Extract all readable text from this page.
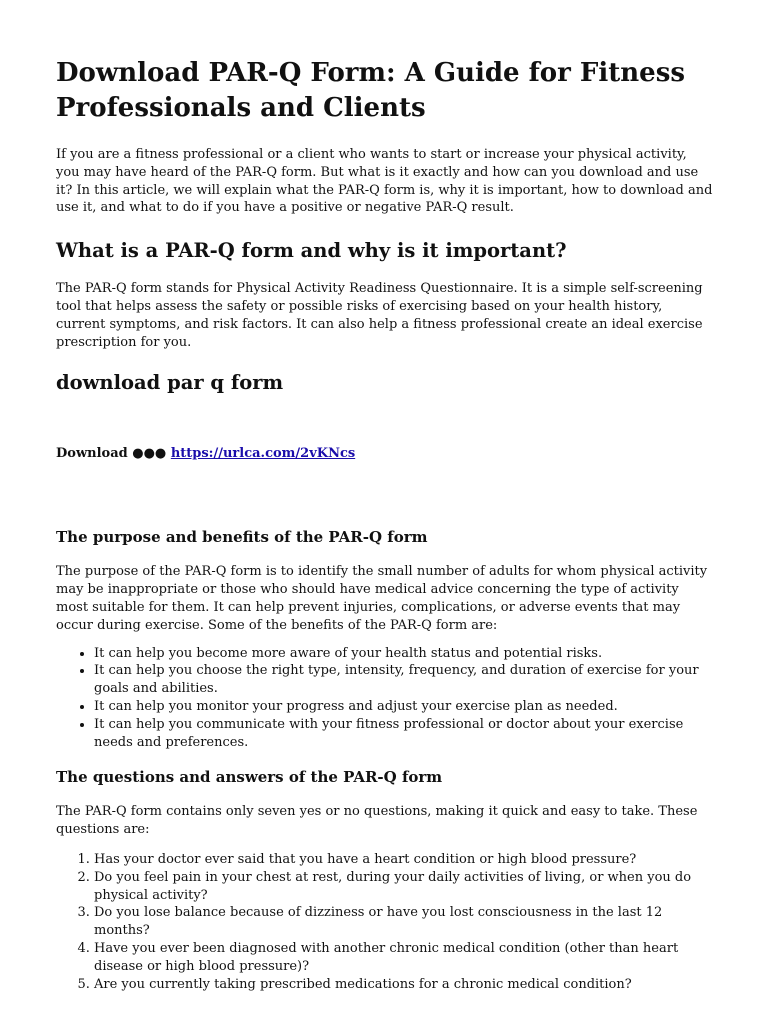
Download PAR-Q Form: A Guide for Fitness Professionals and Clients

If you are a fitness professional or a client who wants to start or increase your physical activity, you may have heard of the PAR-Q form. But what is it exactly and how can you download and use it? In this article, we will explain what the PAR-Q form is, why it is important, how to download and use it, and what to do if you have a positive or negative PAR-Q result.

What is a PAR-Q form and why is it important?

The PAR-Q form stands for Physical Activity Readiness Questionnaire. It is a simple self-screening tool that helps assess the safety or possible risks of exercising based on your health history, current symptoms, and risk factors. It can also help a fitness professional create an ideal exercise prescription for you.

download par q form
Download ●●● https://urlca.com/2vKNcs
The purpose and benefits of the PAR-Q form

The purpose of the PAR-Q form is to identify the small number of adults for whom physical activity may be inappropriate or those who should have medical advice concerning the type of activity most suitable for them. It can help prevent injuries, complications, or adverse events that may occur during exercise. Some of the benefits of the PAR-Q form are:

• It can help you become more aware of your health status and potential risks.
• It can help you choose the right type, intensity, frequency, and duration of exercise for your goals and abilities.
• It can help you monitor your progress and adjust your exercise plan as needed.
• It can help you communicate with your fitness professional or doctor about your exercise needs and preferences.
The questions and answers of the PAR-Q form

The PAR-Q form contains only seven yes or no questions, making it quick and easy to take. These questions are:

1. Has your doctor ever said that you have a heart condition or high blood pressure?
2. Do you feel pain in your chest at rest, during your daily activities of living, or when you do physical activity?
3. Do you lose balance because of dizziness or have you lost consciousness in the last 12 months?
4. Have you ever been diagnosed with another chronic medical condition (other than heart disease or high blood pressure)?
5. Are you currently taking prescribed medications for a chronic medical condition?
